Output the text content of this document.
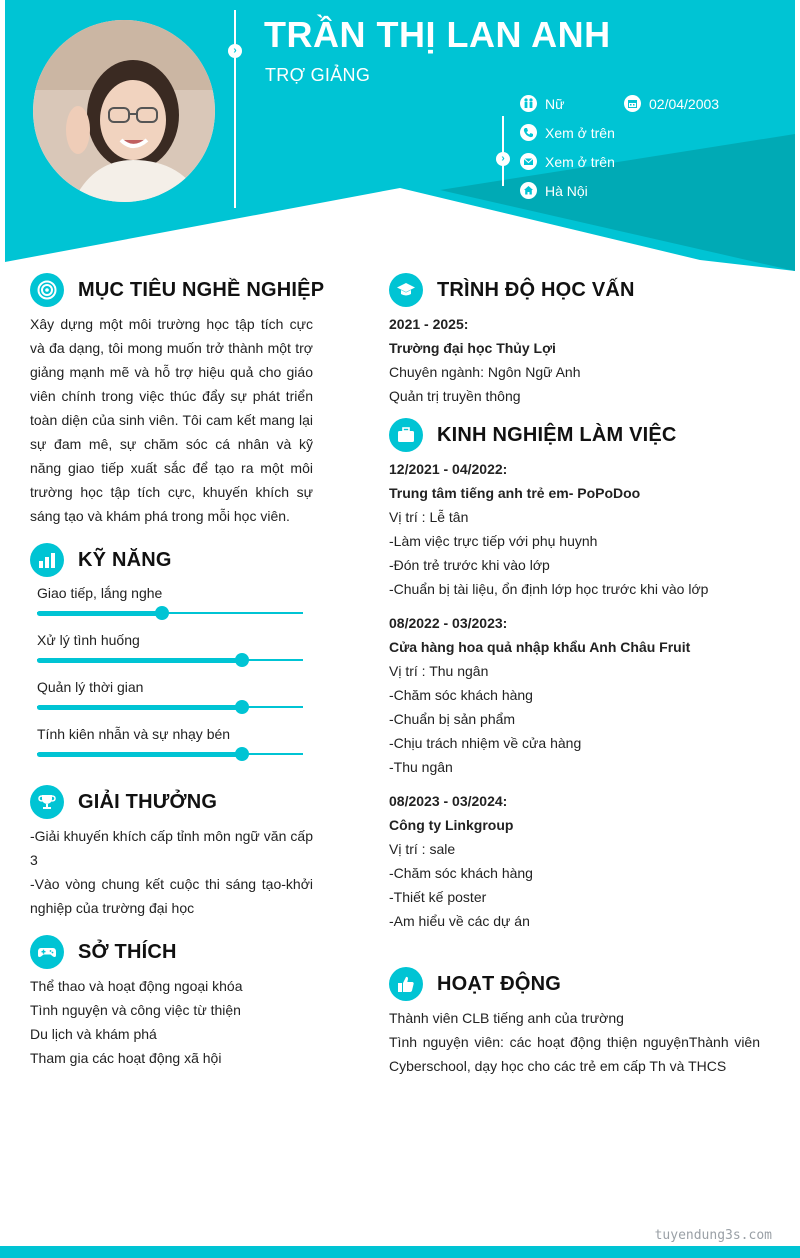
› TRẦN THỊ LAN ANH
TRỢ GIẢNG
Nữ	02/04/2003
›
Xem ở trên
Xem ở trên
Hà Nội
MỤC TIÊU NGHỀ NGHIỆP
Xây dựng một môi trường học tập tích cực và đa dạng, tôi mong muốn trở thành một trợ giảng mạnh mẽ và hỗ trợ hiệu quả cho giáo viên chính trong việc thúc đẩy sự phát triển toàn diện của sinh viên. Tôi cam kết mang lại sự đam mê, sự chăm sóc cá nhân và kỹ năng giao tiếp xuất sắc để tạo ra một môi trường học tập tích cực, khuyến khích sự sáng tạo và khám phá trong mỗi học viên.
KỸ NĂNG
Giao tiếp, lắng nghe
Xử lý tình huống
Quản lý thời gian
Tính kiên nhẫn và sự nhạy bén
GIẢI THƯỞNG
-Giải khuyến khích cấp tỉnh môn ngữ văn cấp 3
-Vào vòng chung kết cuộc thi sáng tạo-khởi nghiệp của trường đại học
SỞ THÍCH
Thể thao và hoạt động ngoại khóa
Tình nguyện và công việc từ thiện
Du lịch và khám phá
Tham gia các hoạt động xã hội
TRÌNH ĐỘ HỌC VẤN
2021 - 2025:
Trường đại học Thủy Lợi
Chuyên ngành: Ngôn Ngữ Anh
Quản trị truyền thông
KINH NGHIỆM LÀM VIỆC
12/2021 - 04/2022:
Trung tâm tiếng anh trẻ em- PoPoDoo
Vị trí : Lễ tân
-Làm việc trực tiếp với phụ huynh
-Đón trẻ trước khi vào lớp
-Chuẩn bị tài liệu, ổn định lớp học trước khi vào lớp
08/2022 - 03/2023:
Cửa hàng hoa quả nhập khẩu Anh Châu Fruit
Vị trí : Thu ngân
-Chăm sóc khách hàng
-Chuẩn bị sản phẩm
-Chịu trách nhiệm về cửa hàng
-Thu ngân
08/2023 - 03/2024:
Công ty Linkgroup
Vị trí : sale
-Chăm sóc khách hàng
-Thiết kế poster
-Am hiểu về các dự án
HOẠT ĐỘNG
Thành viên CLB tiếng anh của trường
Tình nguyện viên: các hoạt động thiện nguyệnThành viên Cyberschool, dạy học cho các trẻ em cấp Th và THCS
tuyendung3s.com
